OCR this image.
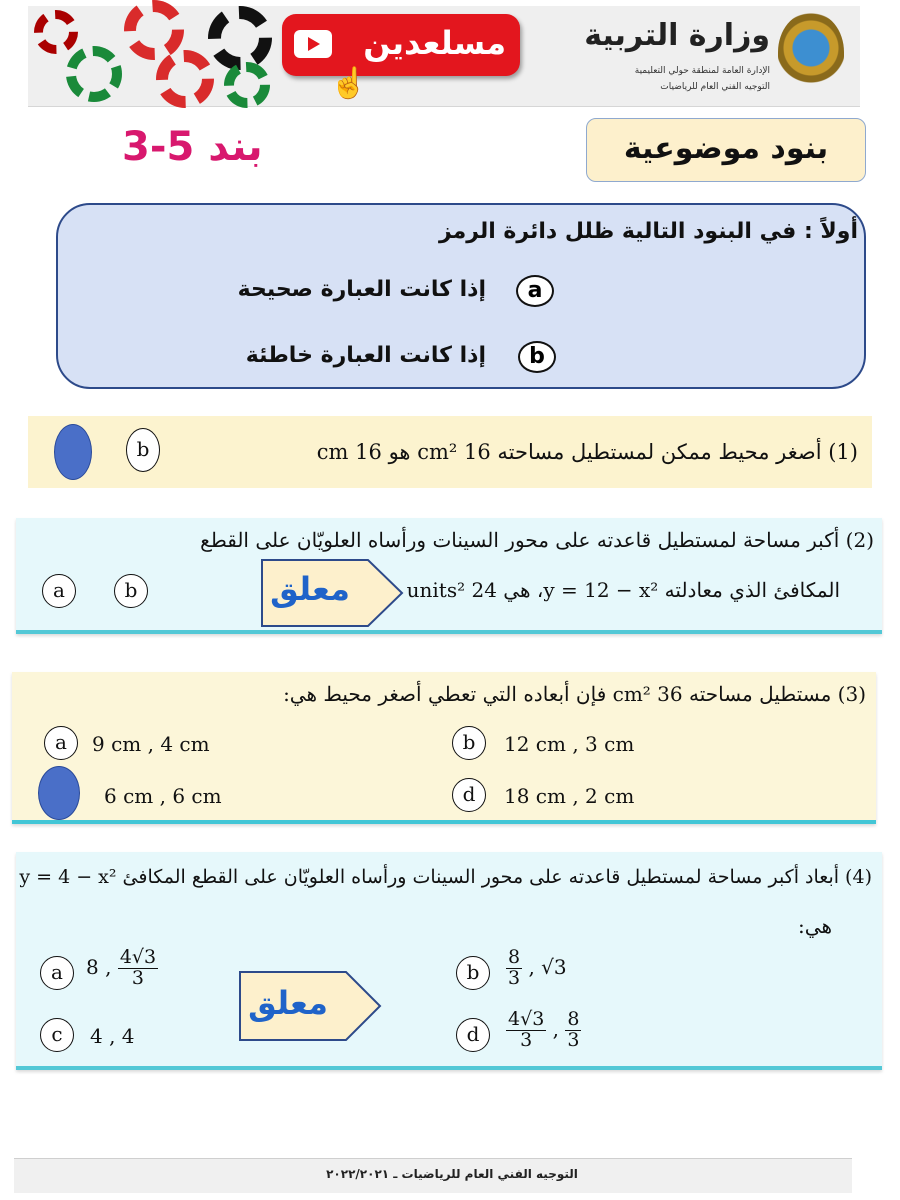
مسلعدين
☝
وزارة التربية
الإدارة العامة لمنطقة حولي التعليمية
التوجيه الفني العام للرياضيات
بند 5-3	بنود موضوعية
أولاً : في البنود التالية ظلل دائرة الرمز
a
إذا كانت العبارة صحيحة
b
إذا كانت العبارة خاطئة
(1) أصغر محيط ممكن لمستطيل مساحته 16 cm² هو 16 cm
b
(2) أكبر مساحة لمستطيل قاعدته على محور السينات ورأساه العلويّان على القطع
المكافئ الذي معادلته y = 12 − x²، هي 24 units²
a	b	معلق
(3) مستطيل مساحته 36 cm² فإن أبعاده التي تعطي أصغر محيط هي:
a	9 cm , 4 cm	b	12 cm , 3 cm
6 cm , 6 cm	d	18 cm , 2 cm
(4) أبعاد أكبر مساحة لمستطيل قاعدته على محور السينات ورأساه العلويّان على القطع المكافئ y = 4 − x²
هي:
a	8 , $\frac{4√3}{3}$	b	$\frac{8}{3}$ , √3
c	4 , 4	d	$\frac{4√3}{3}$ , $\frac{8}{3}$
معلق
التوجيه الفني العام للرياضيات ـ ٢٠٢٢/٢٠٢١
